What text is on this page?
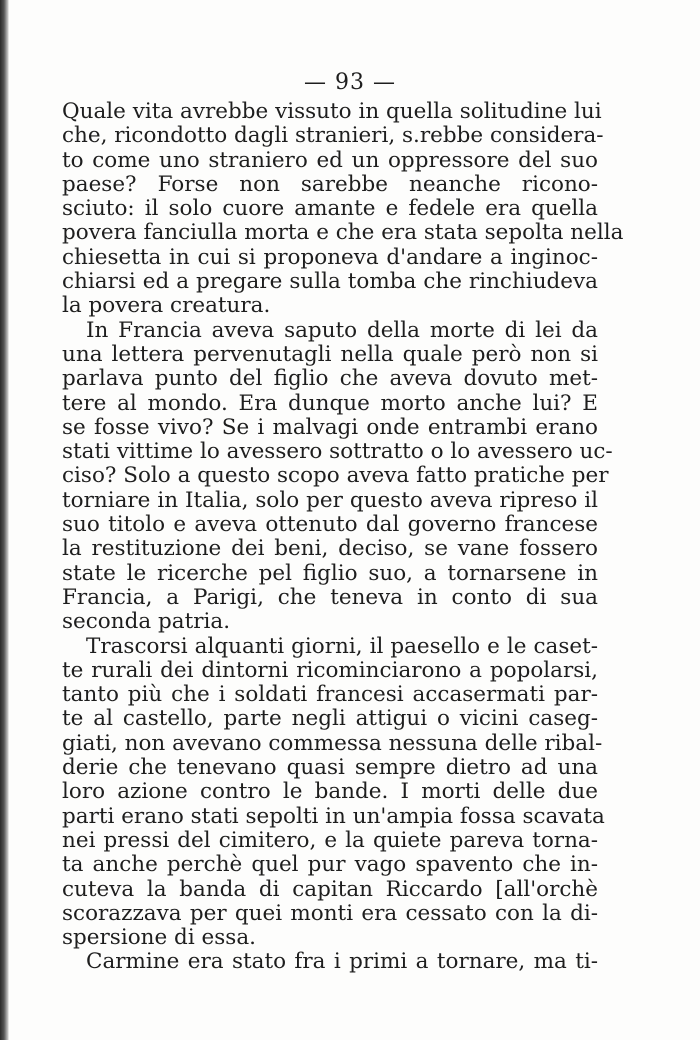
— 93 —
Quale vita avrebbe vissuto in quella solitudine lui
che, ricondotto dagli stranieri, s.rebbe considera-
to come uno straniero ed un oppressore del suo
paese? Forse non sarebbe neanche ricono-
sciuto: il solo cuore amante e fedele era quella
povera fanciulla morta e che era stata sepolta nella
chiesetta in cui si proponeva d'andare a inginoc-
chiarsi ed a pregare sulla tomba che rinchiudeva
la povera creatura.
In Francia aveva saputo della morte di lei da
una lettera pervenutagli nella quale però non si
parlava punto del figlio che aveva dovuto met-
tere al mondo. Era dunque morto anche lui? E
se fosse vivo? Se i malvagi onde entrambi erano
stati vittime lo avessero sottratto o lo avessero uc-
ciso? Solo a questo scopo aveva fatto pratiche per
torniare in Italia, solo per questo aveva ripreso il
suo titolo e aveva ottenuto dal governo francese
la restituzione dei beni, deciso, se vane fossero
state le ricerche pel figlio suo, a tornarsene in
Francia, a Parigi, che teneva in conto di sua
seconda patria.
Trascorsi alquanti giorni, il paesello e le caset-
te rurali dei dintorni ricominciarono a popolarsi,
tanto più che i soldati francesi accasermati par-
te al castello, parte negli attigui o vicini caseg-
giati, non avevano commessa nessuna delle ribal-
derie che tenevano quasi sempre dietro ad una
loro azione contro le bande. I morti delle due
parti erano stati sepolti in un'ampia fossa scavata
nei pressi del cimitero, e la quiete pareva torna-
ta anche perchè quel pur vago spavento che in-
cuteva la banda di capitan Riccardo [all'orchè
scorazzava per quei monti era cessato con la di-
spersione di essa.
Carmine era stato fra i primi a tornare, ma ti-
